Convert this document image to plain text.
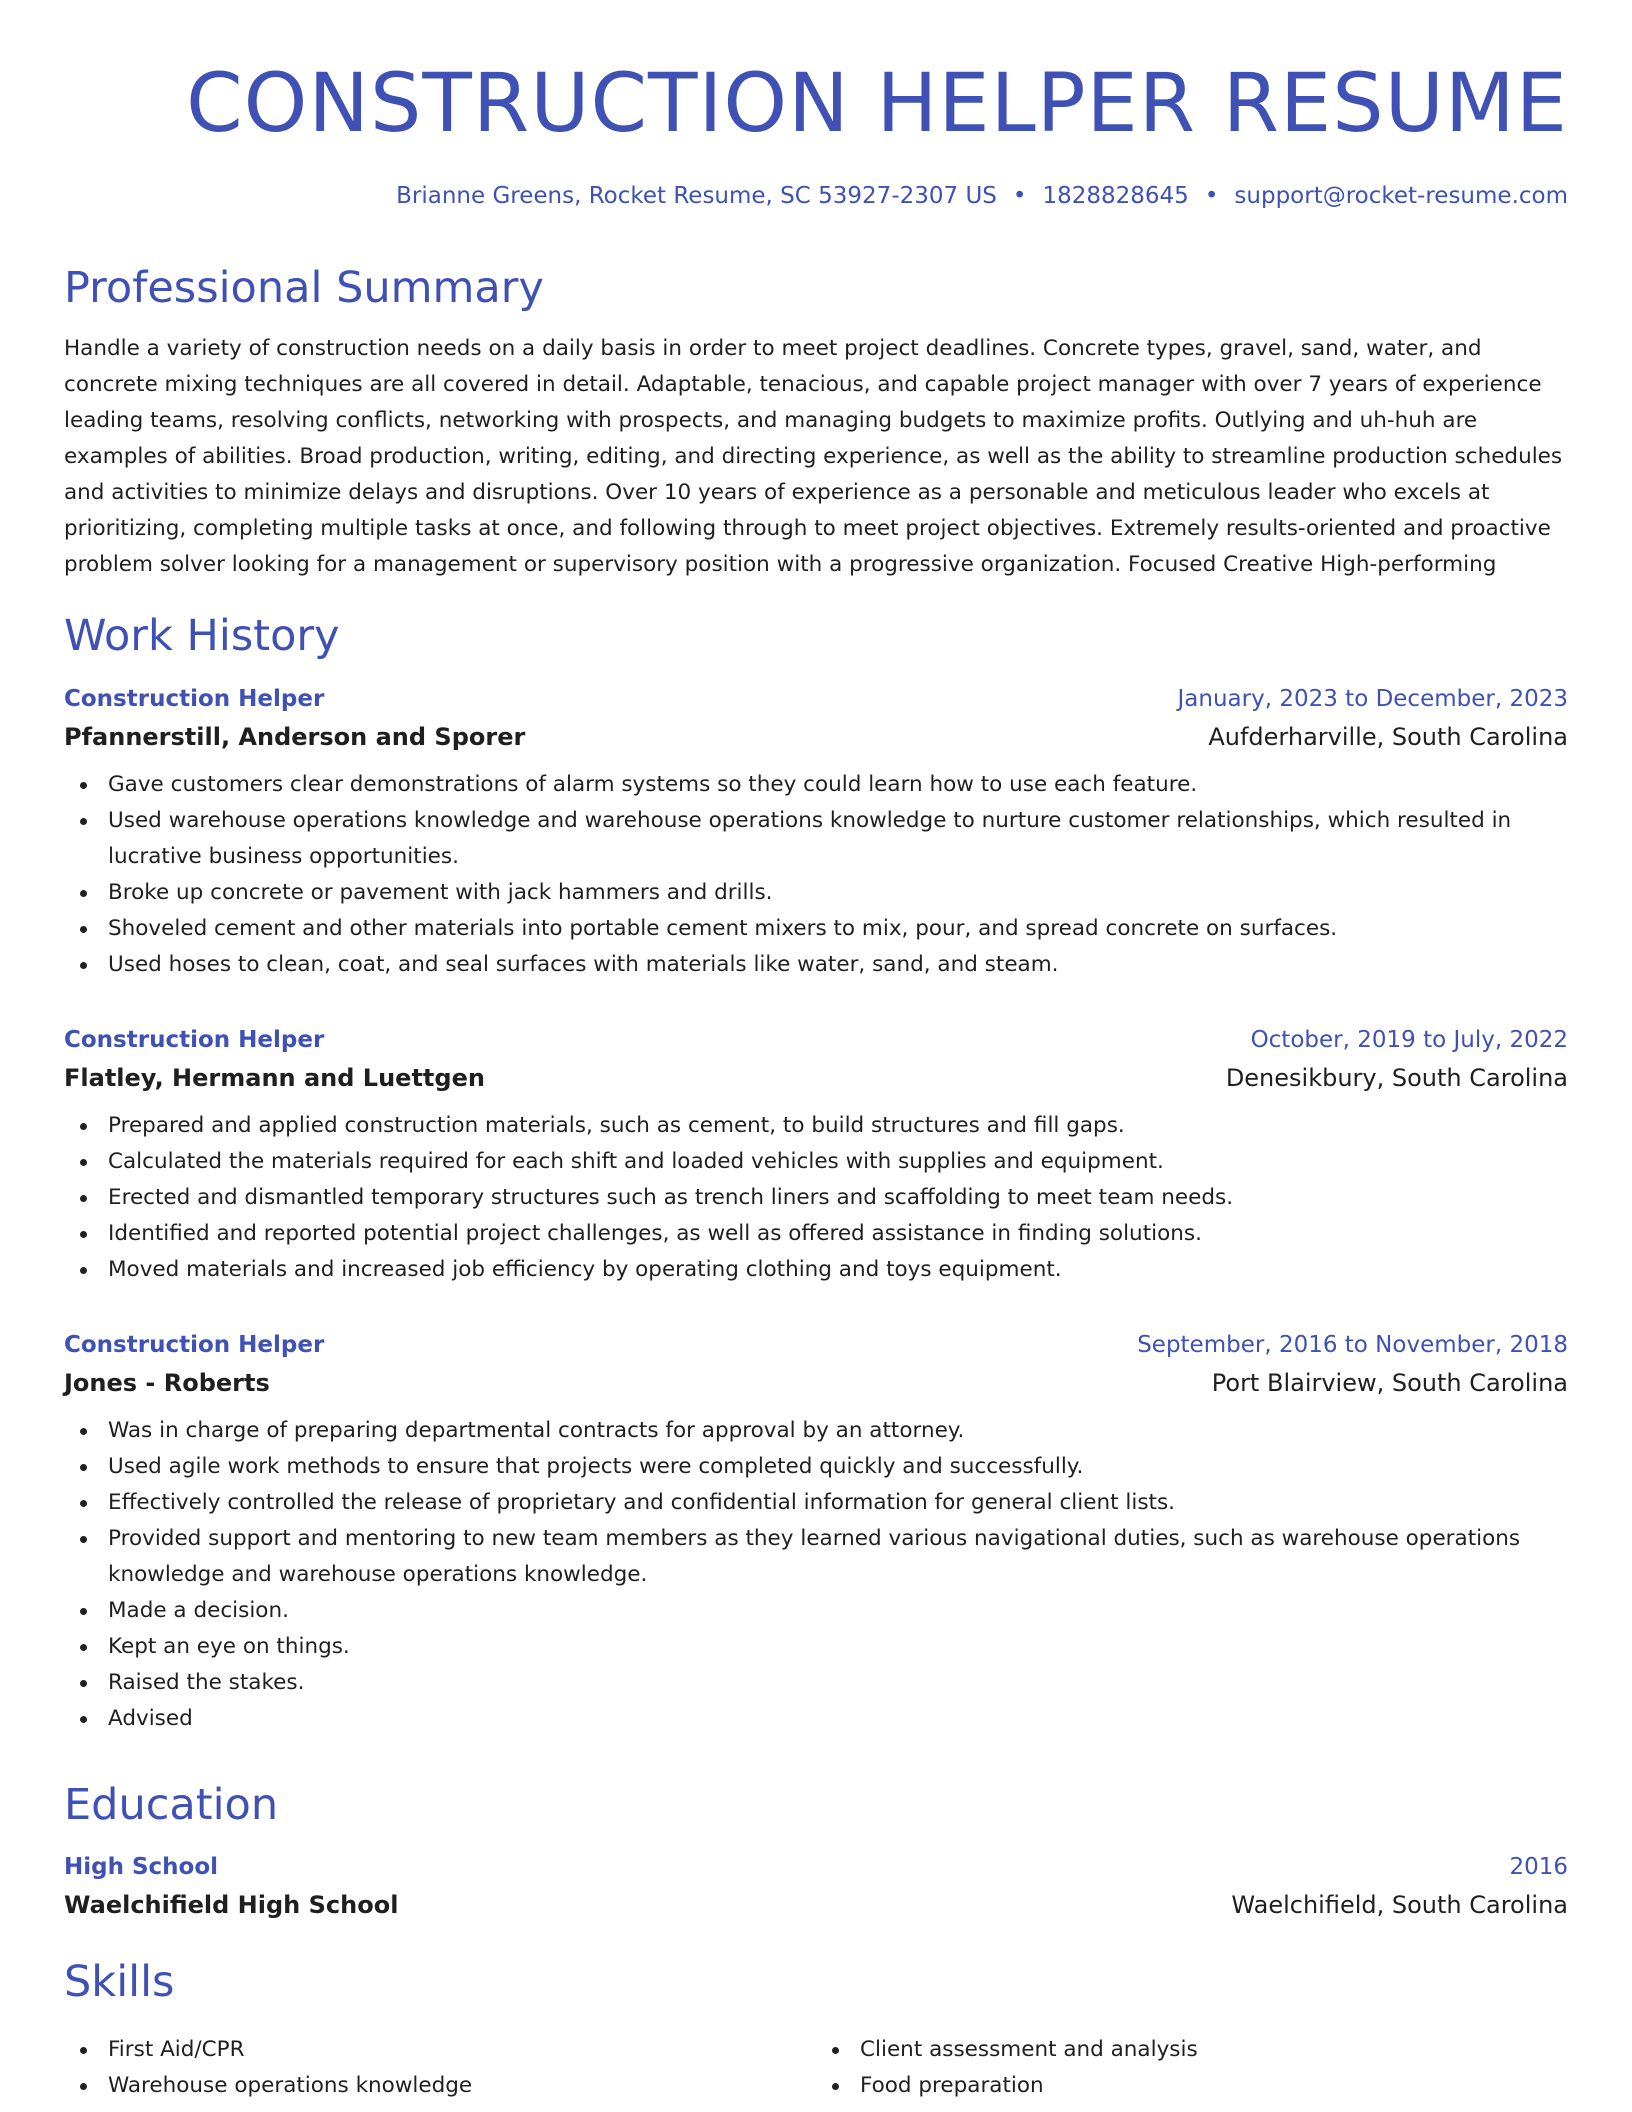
CONSTRUCTION HELPER RESUME
Brianne Greens, Rocket Resume, SC 53927-2307 US • 1828828645 • support@rocket-resume.com
Professional Summary

Handle a variety of construction needs on a daily basis in order to meet project deadlines. Concrete types, gravel, sand, water, and concrete mixing techniques are all covered in detail. Adaptable, tenacious, and capable project manager with over 7 years of experience leading teams, resolving conflicts, networking with prospects, and managing budgets to maximize profits. Outlying and uh-huh are examples of abilities. Broad production, writing, editing, and directing experience, as well as the ability to streamline production schedules and activities to minimize delays and disruptions. Over 10 years of experience as a personable and meticulous leader who excels at prioritizing, completing multiple tasks at once, and following through to meet project objectives. Extremely results-oriented and proactive problem solver looking for a management or supervisory position with a progressive organization. Focused Creative High-performing

Work History
Construction Helper	January, 2023 to December, 2023
Pfannerstill, Anderson and Sporer	Aufderharville, South Carolina
Gave customers clear demonstrations of alarm systems so they could learn how to use each feature.
Used warehouse operations knowledge and warehouse operations knowledge to nurture customer relationships, which resulted in lucrative business opportunities.
Broke up concrete or pavement with jack hammers and drills.
Shoveled cement and other materials into portable cement mixers to mix, pour, and spread concrete on surfaces.
Used hoses to clean, coat, and seal surfaces with materials like water, sand, and steam.
Construction Helper	October, 2019 to July, 2022
Flatley, Hermann and Luettgen	Denesikbury, South Carolina
Prepared and applied construction materials, such as cement, to build structures and fill gaps.
Calculated the materials required for each shift and loaded vehicles with supplies and equipment.
Erected and dismantled temporary structures such as trench liners and scaffolding to meet team needs.
Identified and reported potential project challenges, as well as offered assistance in finding solutions.
Moved materials and increased job efficiency by operating clothing and toys equipment.
Construction Helper	September, 2016 to November, 2018
Jones - Roberts	Port Blairview, South Carolina
Was in charge of preparing departmental contracts for approval by an attorney.
Used agile work methods to ensure that projects were completed quickly and successfully.
Effectively controlled the release of proprietary and confidential information for general client lists.
Provided support and mentoring to new team members as they learned various navigational duties, such as warehouse operations knowledge and warehouse operations knowledge.
Made a decision.
Kept an eye on things.
Raised the stakes.
Advised
Education
High School	2016
Waelchifield High School	Waelchifield, South Carolina
Skills
First Aid/CPR
Warehouse operations knowledge
Client assessment and analysis
Food preparation
